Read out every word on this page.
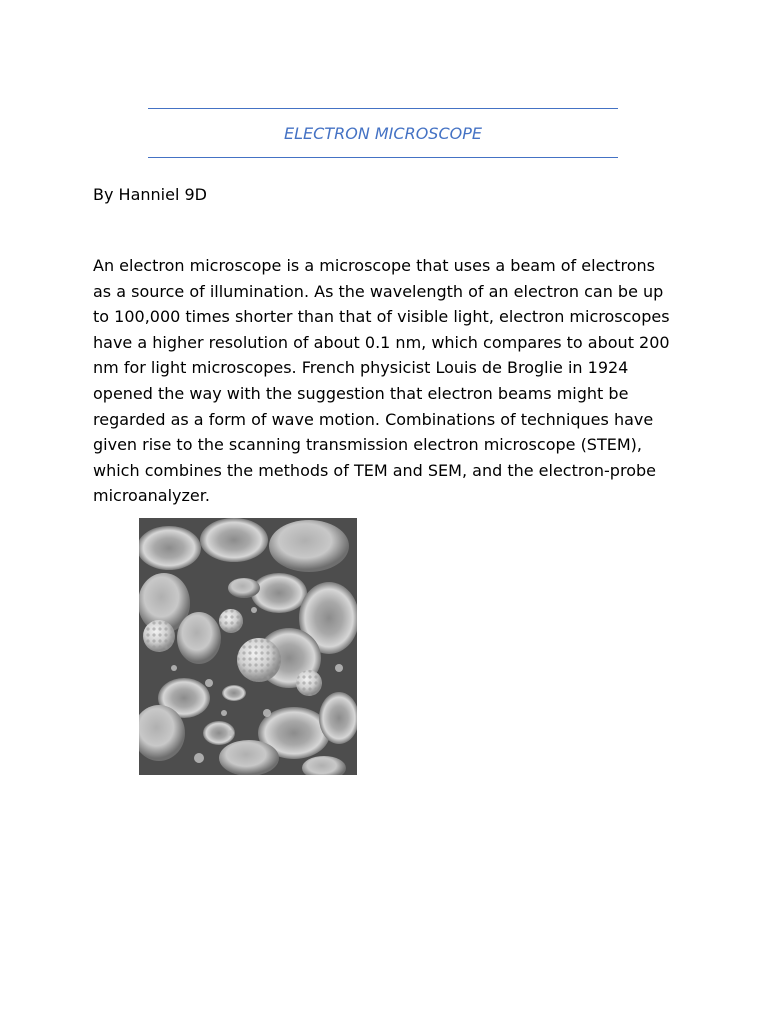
ELECTRON MICROSCOPE
By Hanniel 9D

An electron microscope is a microscope that uses a beam of electrons as a source of illumination. As the wavelength of an electron can be up to 100,000 times shorter than that of visible light, electron microscopes have a higher resolution of about 0.1 nm, which compares to about 200 nm for light microscopes. French physicist Louis de Broglie in 1924 opened the way with the suggestion that electron beams might be regarded as a form of wave motion. Combinations of techniques have given rise to the scanning transmission electron microscope (STEM), which combines the methods of TEM and SEM, and the electron-probe microanalyzer.
